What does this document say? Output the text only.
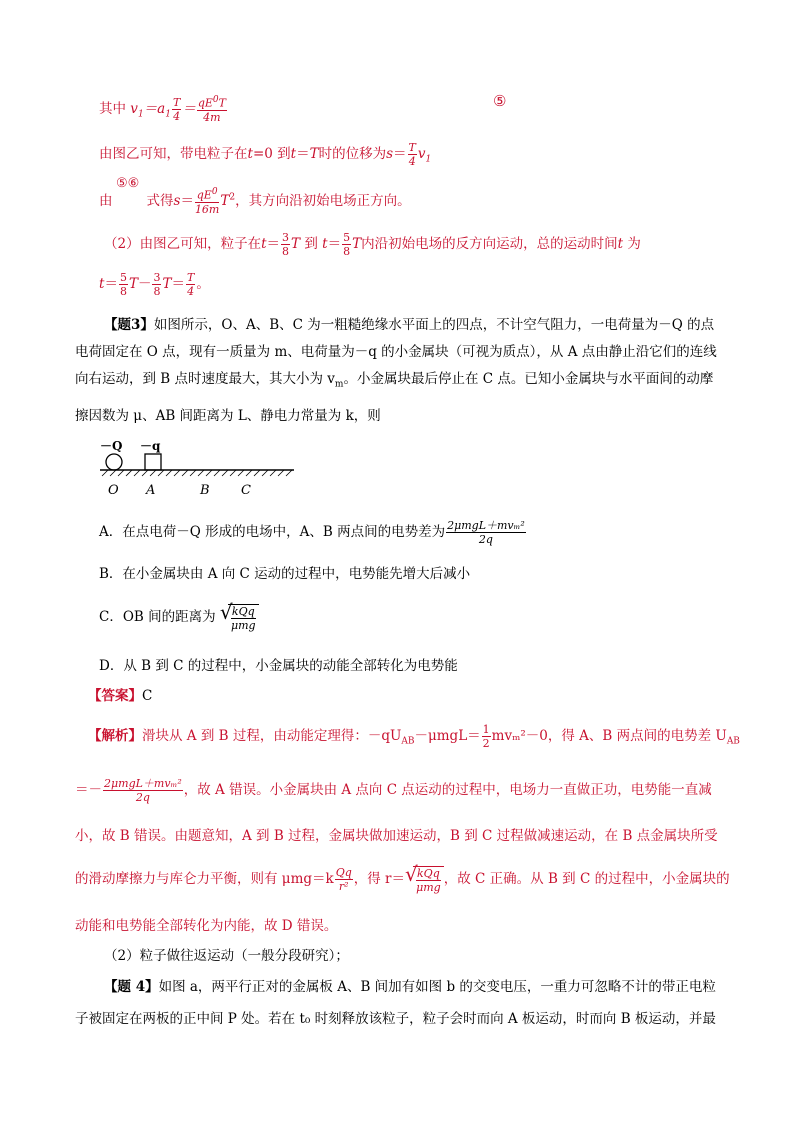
其中 $v_1=a_1 \frac{T}{4} = \frac{qE^0T}{4m}$	⑤
由图乙可知，带电粒子在t=0 到t＝T时的位移为$s= \frac{T}{4} v_1$
⑤⑥
由	式得$s= \frac{qE^0}{16m} T^2$，其方向沿初始电场正方向。
（2）由图乙可知，粒子在$t= \frac{3}{8}$ T 到 $t= \frac{5}{8}$ T内沿初始电场的反方向运动，总的运动时间t 为
$t= \frac{5}{8} T- \frac{3}{8} T= \frac{T}{4}$ 。
【题3】如图所示，O、A、B、C 为一粗糙绝缘水平面上的四点，不计空气阻力，一电荷量为－Q 的点
电荷固定在 O 点，现有一质量为 m、电荷量为－q 的小金属块（可视为质点），从 A 点由静止沿它们的连线
向右运动，到 B 点时速度最大，其大小为 $v_m$。小金属块最后停止在 C 点。已知小金属块与水平面间的动摩
擦因数为 μ、AB 间距离为 L、静电力常量为 k，则
－Q －q
O A	B C
A．在点电荷－Q 形成的电场中，A、B 两点间的电势差为 $\frac{\text{2μmgL＋mvₘ²}}{2q}$
B．在小金属块由 A 向 C 运动的过程中，电势能先增大后减小
C．OB 间的距离为 √
$\frac{\text{kQq}}{\text{μmg}}$
D．从 B 到 C 的过程中，小金属块的动能全部转化为电势能
【答案】C
【解析】滑块从 A 到 B 过程，由动能定理得：$-qU_{AB}-\mu mgL= \frac{1}{2} mv_m^2-0$，得 A、B 两点间的电势差 $U_{AB}$
＝－ $\frac{\text{2μmgL＋mvₘ²}}{2q}$ ，故 A 错误。小金属块由 A 点向 C 点运动的过程中，电场力一直做正功，电势能一直减
小，故 B 错误。由题意知，A 到 B 过程，金属块做加速运动，B 到 C 过程做减速运动，在 B 点金属块所受
的滑动摩擦力与库仑力平衡，则有 $\mu mg=k \frac{Qq}{\text{r²}}$ ，得 r＝ √
$\frac{\text{kQq}}{\text{μmg}}$ ，故 C 正确。从 B 到 C 的过程中，小金属块的
动能和电势能全部转化为内能，故 D 错误。
（2）粒子做往返运动（一般分段研究）；
【题 4】如图 a，两平行正对的金属板 A、B 间加有如图 b 的交变电压，一重力可忽略不计的带正电粒
子被固定在两板的正中间 P 处。若在 t₀ 时刻释放该粒子，粒子会时而向 A 板运动，时而向 B 板运动，并最
